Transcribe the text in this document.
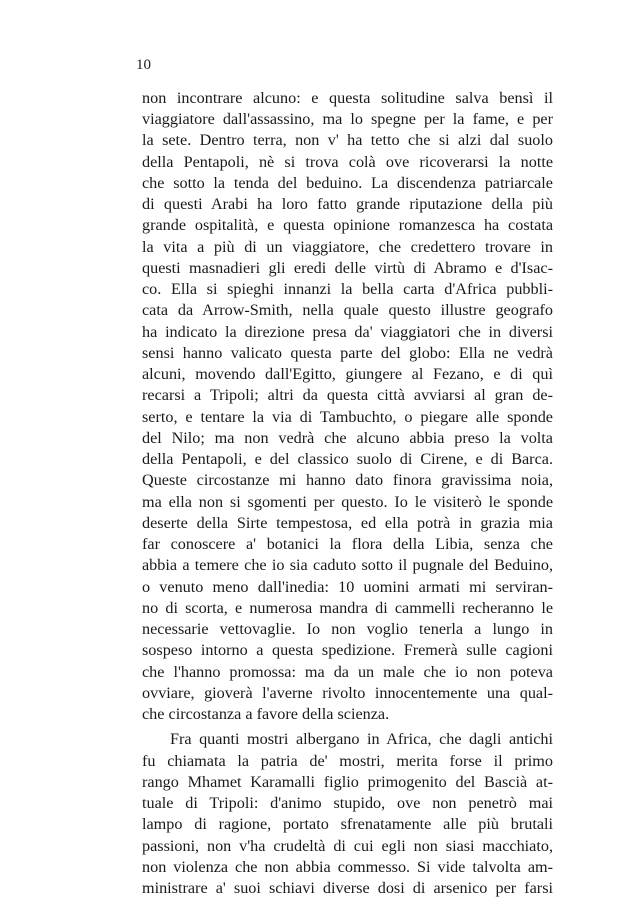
10
non incontrare alcuno: e questa solitudine salva bensì il
viaggiatore dall'assassino, ma lo spegne per la fame, e per
la sete. Dentro terra, non v' ha tetto che si alzi dal suolo
della Pentapoli, nè si trova colà ove ricoverarsi la notte
che sotto la tenda del beduino. La discendenza patriarcale
di questi Arabi ha loro fatto grande riputazione della più
grande ospitalità, e questa opinione romanzesca ha costata
la vita a più di un viaggiatore, che credettero trovare in
questi masnadieri gli eredi delle virtù di Abramo e d'Isac-
co. Ella si spieghi innanzi la bella carta d'Africa pubbli-
cata da Arrow-Smith, nella quale questo illustre geografo
ha indicato la direzione presa da' viaggiatori che in diversi
sensi hanno valicato questa parte del globo: Ella ne vedrà
alcuni, movendo dall'Egitto, giungere al Fezano, e di quì
recarsi a Tripoli; altri da questa città avviarsi al gran de-
serto, e tentare la via di Tambuchto, o piegare alle sponde
del Nilo; ma non vedrà che alcuno abbia preso la volta
della Pentapoli, e del classico suolo di Cirene, e di Barca.
Queste circostanze mi hanno dato finora gravissima noia,
ma ella non si sgomenti per questo. Io le visiterò le sponde
deserte della Sirte tempestosa, ed ella potrà in grazia mia
far conoscere a' botanici la flora della Libia, senza che
abbia a temere che io sia caduto sotto il pugnale del Beduino,
o venuto meno dall'inedia: 10 uomini armati mi serviran-
no di scorta, e numerosa mandra di cammelli recheranno le
necessarie vettovaglie. Io non voglio tenerla a lungo in
sospeso intorno a questa spedizione. Fremerà sulle cagioni
che l'hanno promossa: ma da un male che io non poteva
ovviare, gioverà l'averne rivolto innocentemente una qual-
che circostanza a favore della scienza.
Fra quanti mostri albergano in Africa, che dagli antichi
fu chiamata la patria de' mostri, merita forse il primo
rango Mhamet Karamalli figlio primogenito del Bascià at-
tuale di Tripoli: d'animo stupido, ove non penetrò mai
lampo di ragione, portato sfrenatamente alle più brutali
passioni, non v'ha crudeltà di cui egli non siasi macchiato,
non violenza che non abbia commesso. Si vide talvolta am-
ministrare a' suoi schiavi diverse dosi di arsenico per farsi
